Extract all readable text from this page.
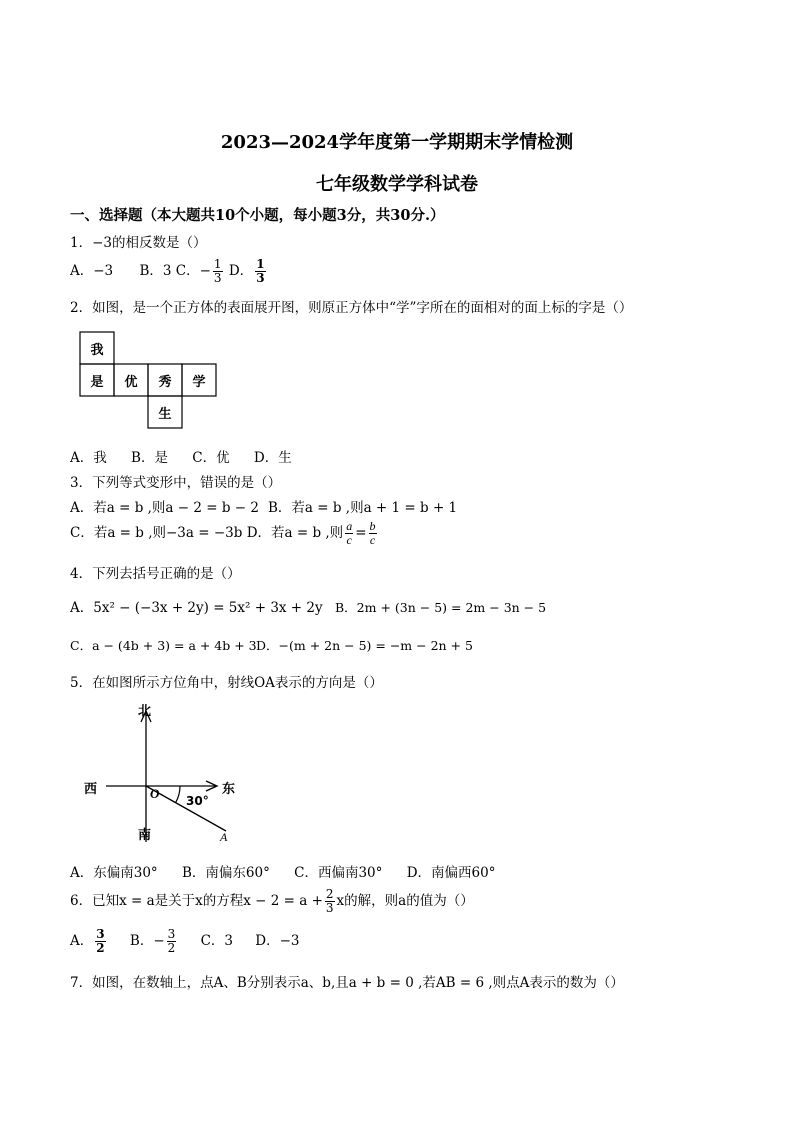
2023—2024学年度第一学期期末学情检测
七年级数学学科试卷
一、选择题（本大题共10个小题，每小题3分，共30分.）
1．−3的相反数是（）
A．−3 B．3 C．− $\frac{1}{3}$ D． $\frac{1}{3}$
2．如图，是一个正方体的表面展开图，则原正方体中“学”字所在的面相对的面上标的字是（）
我
是	优	秀	学
生
A．我 B．是 C．优 D．生
3．下列等式变形中，错误的是（）
A．若a = b ,则a − 2 = b − 2 B．若a = b ,则a + 1 = b + 1
C．若a = b ,则−3a = −3b D．若a = b ,则 $\frac{a}{c} = \frac{b}{c}$
4．下列去括号正确的是（）
A．5x² − (−3x + 2y) = 5x² + 3x + 2y B．2m + (3n − 5) = 2m − 3n − 5
C．a − (4b + 3) = a + 4b + 3 D．−(m + 2n − 5) = −m − 2n + 5
5．在如图所示方位角中，射线OA表示的方向是（）
北
南
西	东
O
A
30°
A．东偏南30° B．南偏东60° C．西偏南30° D．南偏西60°
6．已知x = a是关于x的方程$x - 2 = a + \frac{2}{3}$ x的解，则a的值为（）
A． $\frac{3}{2}$ B．− $\frac{3}{2}$ C．3 D．−3
7．如图，在数轴上，点A、B分别表示a、b,且a + b = 0 ,若AB = 6 ,则点A表示的数为（）
